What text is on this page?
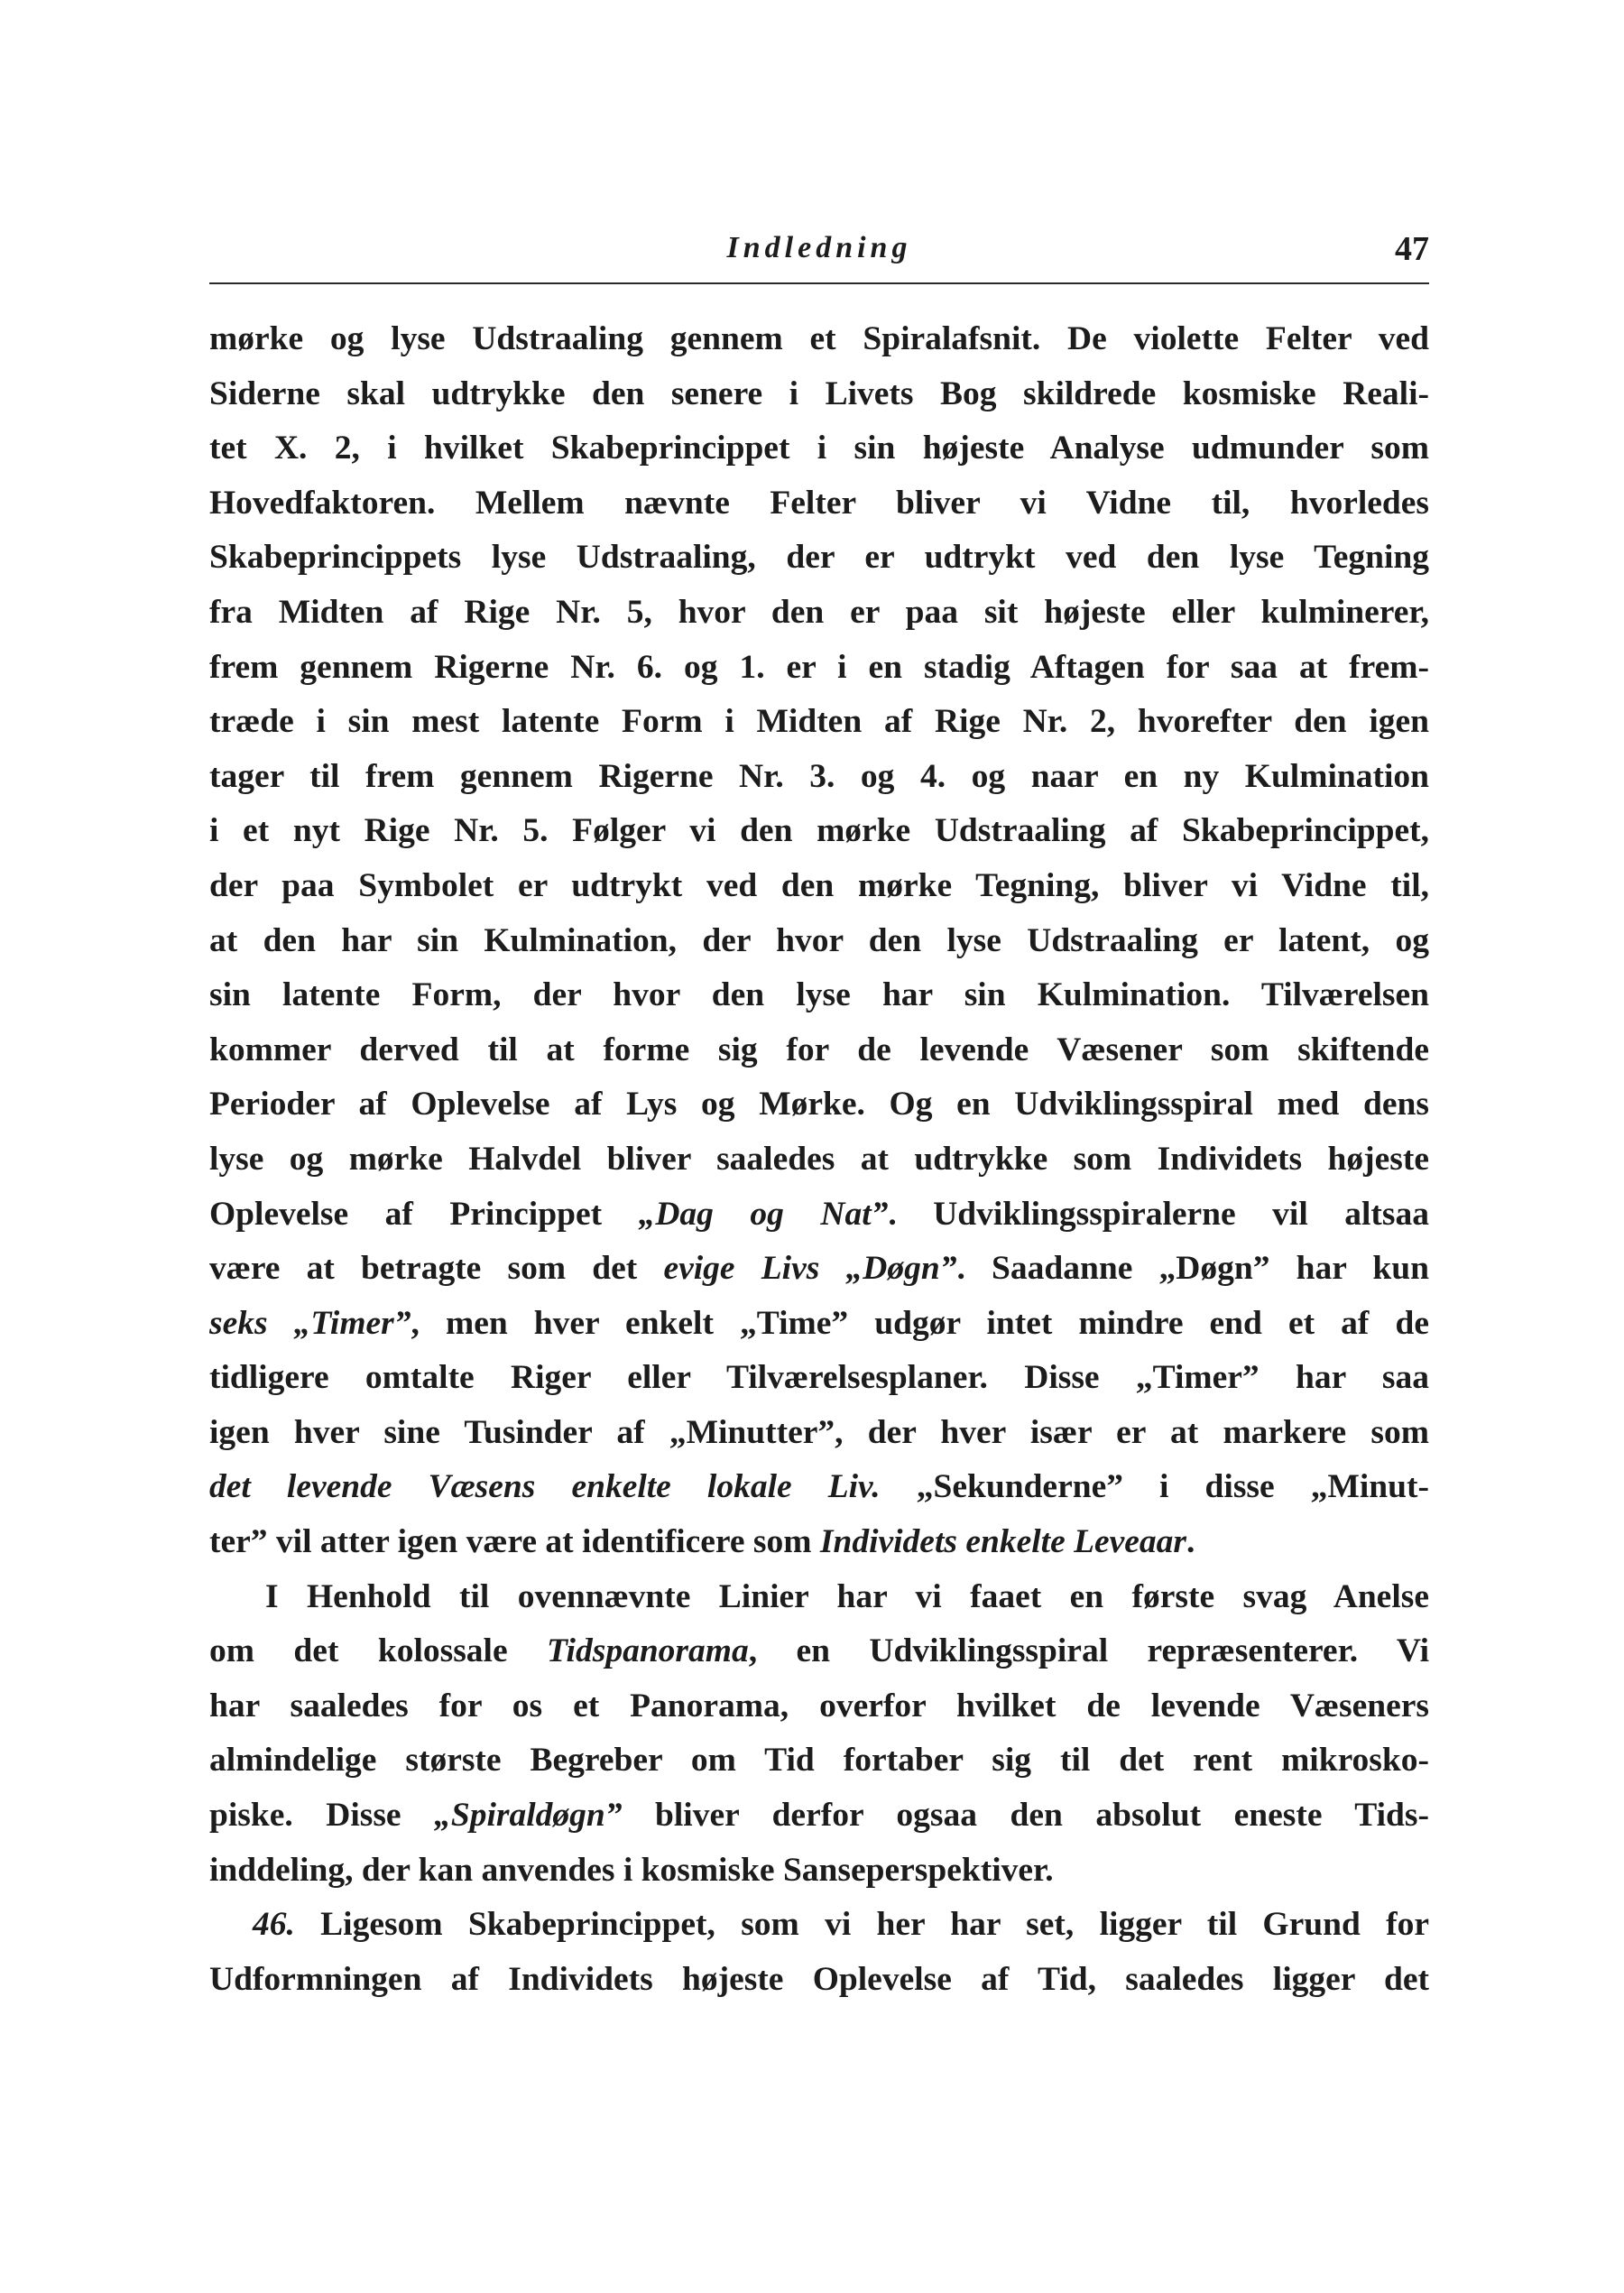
Indledning	47
mørke og lyse Udstraaling gennem et Spiralafsnit. De violette Felter ved
Siderne skal udtrykke den senere i Livets Bog skildrede kosmiske Reali-
tet X. 2, i hvilket Skabeprincippet i sin højeste Analyse udmunder som
Hovedfaktoren. Mellem nævnte Felter bliver vi Vidne til, hvorledes
Skabeprincippets lyse Udstraaling, der er udtrykt ved den lyse Tegning
fra Midten af Rige Nr. 5, hvor den er paa sit højeste eller kulminerer,
frem gennem Rigerne Nr. 6. og 1. er i en stadig Aftagen for saa at frem-
træde i sin mest latente Form i Midten af Rige Nr. 2, hvorefter den igen
tager til frem gennem Rigerne Nr. 3. og 4. og naar en ny Kulmination
i et nyt Rige Nr. 5. Følger vi den mørke Udstraaling af Skabeprincippet,
der paa Symbolet er udtrykt ved den mørke Tegning, bliver vi Vidne til,
at den har sin Kulmination, der hvor den lyse Udstraaling er latent, og
sin latente Form, der hvor den lyse har sin Kulmination. Tilværelsen
kommer derved til at forme sig for de levende Væsener som skiftende
Perioder af Oplevelse af Lys og Mørke. Og en Udviklingsspiral med dens
lyse og mørke Halvdel bliver saaledes at udtrykke som Individets højeste
Oplevelse af Princippet „Dag og Nat”. Udviklingsspiralerne vil altsaa
være at betragte som det evige Livs „Døgn”. Saadanne „Døgn” har kun
seks „Timer”, men hver enkelt „Time” udgør intet mindre end et af de
tidligere omtalte Riger eller Tilværelsesplaner. Disse „Timer” har saa
igen hver sine Tusinder af „Minutter”, der hver især er at markere som
det levende Væsens enkelte lokale Liv. „Sekunderne” i disse „Minut-
ter” vil atter igen være at identificere som Individets enkelte Leveaar.
I Henhold til ovennævnte Linier har vi faaet en første svag Anelse
om det kolossale Tidspanorama, en Udviklingsspiral repræsenterer. Vi
har saaledes for os et Panorama, overfor hvilket de levende Væseners
almindelige største Begreber om Tid fortaber sig til det rent mikrosko-
piske. Disse „Spiraldøgn” bliver derfor ogsaa den absolut eneste Tids-
inddeling, der kan anvendes i kosmiske Sanseperspektiver.
46. Ligesom Skabeprincippet, som vi her har set, ligger til Grund for
Udformningen af Individets højeste Oplevelse af Tid, saaledes ligger det
